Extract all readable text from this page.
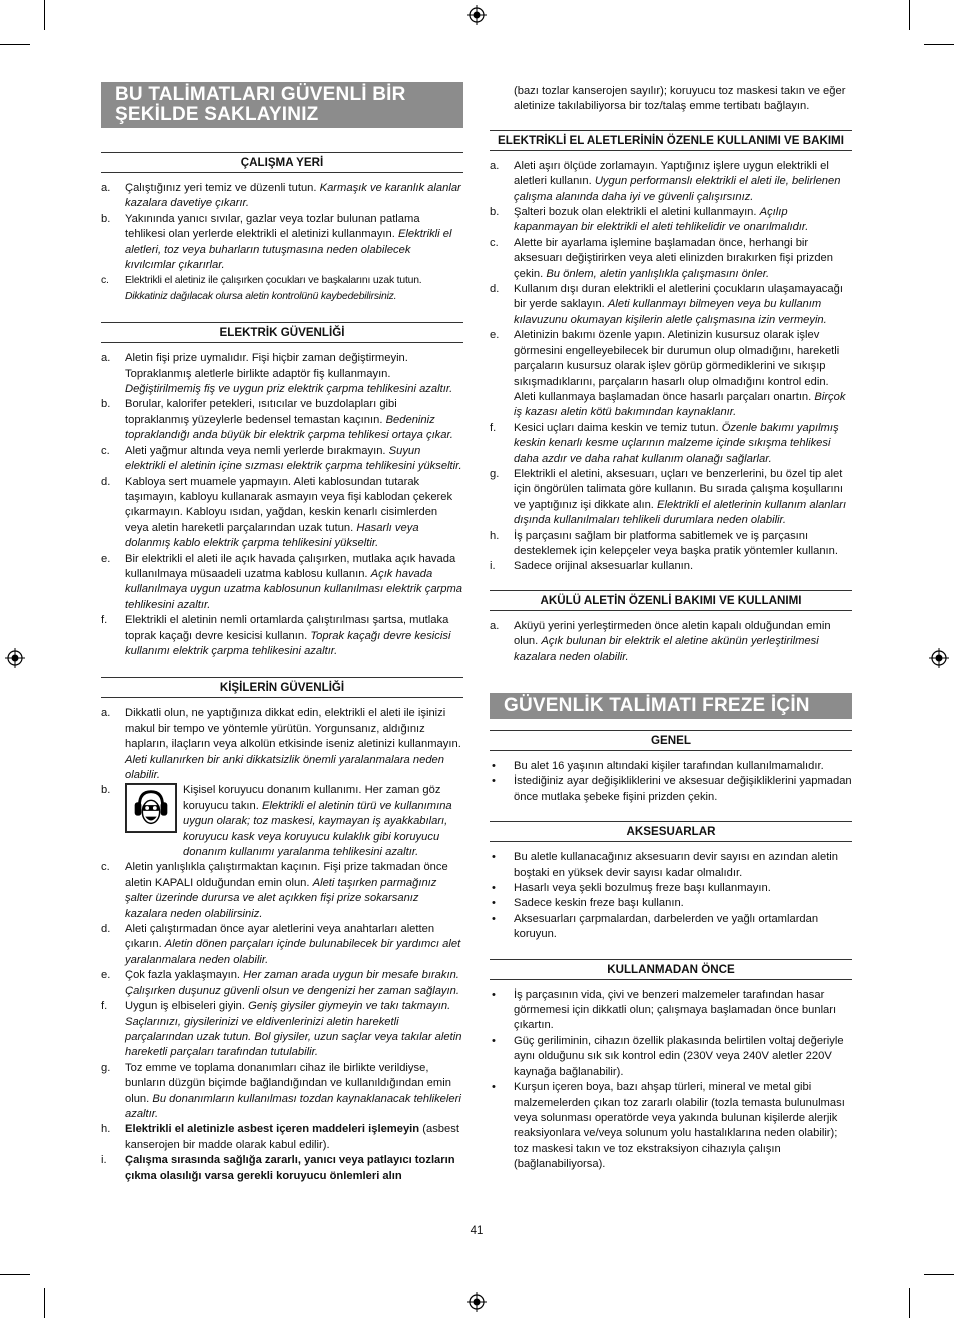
BU TALİMATLARI GÜVENLİ BİR ŞEKİLDE SAKLAYINIZ
ÇALIŞMA YERİ

a. Çalıştığınız yeri temiz ve düzenli tutun. Karmaşık ve karanlık alanlar kazalara davetiye çıkarır.

b. Yakınında yanıcı sıvılar, gazlar veya tozlar bulunan patlama tehlikesi olan yerlerde elektrikli el aletinizi kullanmayın. Elektrikli el aletleri, toz veya buharların tutuşmasına neden olabilecek kıvılcımlar çıkarırlar.

c. Elektrikli el aletiniz ile çalışırken çocukları ve başkalarını uzak tutun. Dikkatiniz dağılacak olursa aletin kontrolünü kaybedebilirsiniz.

ELEKTRİK GÜVENLİĞİ

a. Aletin fişi prize uymalıdır. Fişi hiçbir zaman değiştirmeyin. Topraklanmış aletlerle birlikte adaptör fiş kullanmayın. Değiştirilmemiş fiş ve uygun priz elektrik çarpma tehlikesini azaltır.

b. Borular, kalorifer petekleri, ısıtıcılar ve buzdolapları gibi topraklanmış yüzeylerle bedensel temastan kaçının. Bedeniniz topraklandığı anda büyük bir elektrik çarpma tehlikesi ortaya çıkar.

c. Aleti yağmur altında veya nemli yerlerde bırakmayın. Suyun elektrikli el aletinin içine sızması elektrik çarpma tehlikesini yükseltir.

d. Kabloya sert muamele yapmayın. Aleti kablosundan tutarak taşımayın, kabloyu kullanarak asmayın veya fişi kablodan çekerek çıkarmayın. Kabloyu ısıdan, yağdan, keskin kenarlı cisimlerden veya aletin hareketli parçalarından uzak tutun. Hasarlı veya dolanmış kablo elektrik çarpma tehlikesini yükseltir.

e. Bir elektrikli el aleti ile açık havada çalışırken, mutlaka açık havada kullanılmaya müsaadeli uzatma kablosu kullanın. Açık havada kullanılmaya uygun uzatma kablosunun kullanılması elektrik çarpma tehlikesini azaltır.

f. Elektrikli el aletinin nemli ortamlarda çalıştırılması şartsa, mutlaka toprak kaçağı devre kesicisi kullanın. Toprak kaçağı devre kesicisi kullanımı elektrik çarpma tehlikesini azaltır.

KİŞİLERİN GÜVENLİĞİ

a. Dikkatli olun, ne yaptığınıza dikkat edin, elektrikli el aleti ile işinizi makul bir tempo ve yöntemle yürütün. Yorgunsanız, aldığınız hapların, ilaçların veya alkolün etkisinde iseniz aletinizi kullanmayın. Aleti kullanırken bir anki dikkatsizlik önemli yaralanmalara neden olabilir.

b.	Kişisel koruyucu donanım kullanımı. Her zaman göz koruyucu takın. Elektrikli el aletinin türü ve kullanımına uygun olarak; toz maskesi, kaymayan iş ayakkabıları, koruyucu kask veya koruyucu kulaklık gibi koruyucu donanım kullanımı yaralanma tehlikesini azaltır.

c. Aletin yanlışlıkla çalıştırmaktan kaçının. Fişi prize takmadan önce aletin KAPALI olduğundan emin olun. Aleti taşırken parmağınız şalter üzerinde durursa ve alet açıkken fişi prize sokarsanız kazalara neden olabilirsiniz.

d. Aleti çalıştırmadan önce ayar aletlerini veya anahtarları aletten çıkarın. Aletin dönen parçaları içinde bulunabilecek bir yardımcı alet yaralanmalara neden olabilir.

e. Çok fazla yaklaşmayın. Her zaman arada uygun bir mesafe bırakın. Çalışırken duşunuz güvenli olsun ve dengenizi her zaman sağlayın.

f. Uygun iş elbiseleri giyin. Geniş giysiler giymeyin ve takı takmayın. Saçlarınızı, giysilerinizi ve eldivenlerinizi aletin hareketli parçalarından uzak tutun. Bol giysiler, uzun saçlar veya takılar aletin hareketli parçaları tarafından tutulabilir.

g. Toz emme ve toplama donanımları cihaz ile birlikte verildiyse, bunların düzgün biçimde bağlandığından ve kullanıldığından emin olun. Bu donanımların kullanılması tozdan kaynaklanacak tehlikeleri azaltır.

h. Elektrikli el aletinizle asbest içeren maddeleri işlemeyin (asbest kanserojen bir madde olarak kabul edilir).

i. Çalışma sırasında sağlığa zararlı, yanıcı veya patlayıcı tozların çıkma olasılığı varsa gerekli koruyucu önlemleri alın

(bazı tozlar kanserojen sayılır); koruyucu toz maskesi takın ve eğer aletinize takılabiliyorsa bir toz/talaş emme tertibatı bağlayın.

ELEKTRİKLİ EL ALETLERİNİN ÖZENLE KULLANIMI VE BAKIMI

a. Aleti aşırı ölçüde zorlamayın. Yaptığınız işlere uygun elektrikli el aletleri kullanın. Uygun performanslı elektrikli el aleti ile, belirlenen çalışma alanında daha iyi ve güvenli çalışırsınız.

b. Şalteri bozuk olan elektrikli el aletini kullanmayın. Açılıp kapanmayan bir elektrikli el aleti tehlikelidir ve onarılmalıdır.

c. Alette bir ayarlama işlemine başlamadan önce, herhangi bir aksesuarı değiştirirken veya aleti elinizden bırakırken fişi prizden çekin. Bu önlem, aletin yanlışlıkla çalışmasını önler.

d. Kullanım dışı duran elektrikli el aletlerini çocukların ulaşamayacağı bir yerde saklayın. Aleti kullanmayı bilmeyen veya bu kullanım kılavuzunu okumayan kişilerin aletle çalışmasına izin vermeyin.

e. Aletinizin bakımı özenle yapın. Aletinizin kusursuz olarak işlev görmesini engelleyebilecek bir durumun olup olmadığını, hareketli parçaların kusursuz olarak işlev görüp görmediklerini ve sıkışıp sıkışmadıklarını, parçaların hasarlı olup olmadığını kontrol edin. Aleti kullanmaya başlamadan önce hasarlı parçaları onartın. Birçok iş kazası aletin kötü bakımından kaynaklanır.

f. Kesici uçları daima keskin ve temiz tutun. Özenle bakımı yapılmış keskin kenarlı kesme uçlarının malzeme içinde sıkışma tehlikesi daha azdır ve daha rahat kullanım olanağı sağlarlar.

g. Elektrikli el aletini, aksesuarı, uçları ve benzerlerini, bu özel tip alet için öngörülen talimata göre kullanın. Bu sırada çalışma koşullarını ve yaptığınız işi dikkate alın. Elektrikli el aletlerinin kullanım alanları dışında kullanılmaları tehlikeli durumlara neden olabilir.

h. İş parçasını sağlam bir platforma sabitlemek ve iş parçasını desteklemek için kelepçeler veya başka pratik yöntemler kullanın.

i. Sadece orijinal aksesuarlar kullanın.

AKÜLÜ ALETİN ÖZENLİ BAKIMI VE KULLANIMI

a. Aküyü yerini yerleştirmeden önce aletin kapalı olduğundan emin olun. Açık bulunan bir elektrik el aletine akünün yerleştirilmesi kazalara neden olabilir.

GÜVENLİK TALİMATI FREZE İÇİN
GENEL
• Bu alet 16 yaşının altındaki kişiler tarafından kullanılmamalıdır.
• İstediğiniz ayar değişikliklerini ve aksesuar değişikliklerini yapmadan önce mutlaka şebeke fişini prizden çekin.
AKSESUARLAR
• Bu aletle kullanacağınız aksesuarın devir sayısı en azından aletin boştaki en yüksek devir sayısı kadar olmalıdır.
• Hasarlı veya şekli bozulmuş freze başı kullanmayın.
• Sadece keskin freze başı kullanın.
• Aksesuarları çarpmalardan, darbelerden ve yağlı ortamlardan koruyun.
KULLANMADAN ÖNCE
• İş parçasının vida, çivi ve benzeri malzemeler tarafından hasar görmemesi için dikkatli olun; çalışmaya başlamadan önce bunları çıkartın.
• Güç geriliminin, cihazın özellik plakasında belirtilen voltaj değeriyle aynı olduğunu sık sık kontrol edin (230V veya 240V aletler 220V kaynağa bağlanabilir).
• Kurşun içeren boya, bazı ahşap türleri, mineral ve metal gibi malzemelerden çıkan toz zararlı olabilir (tozla temasta bulunulması veya solunması operatörde veya yakında bulunan kişilerde alerjik reaksiyonlara ve/veya solunum yolu hastalıklarına neden olabilir); toz maskesi takın ve toz ekstraksiyon cihazıyla çalışın (bağlanabiliyorsa).
41
